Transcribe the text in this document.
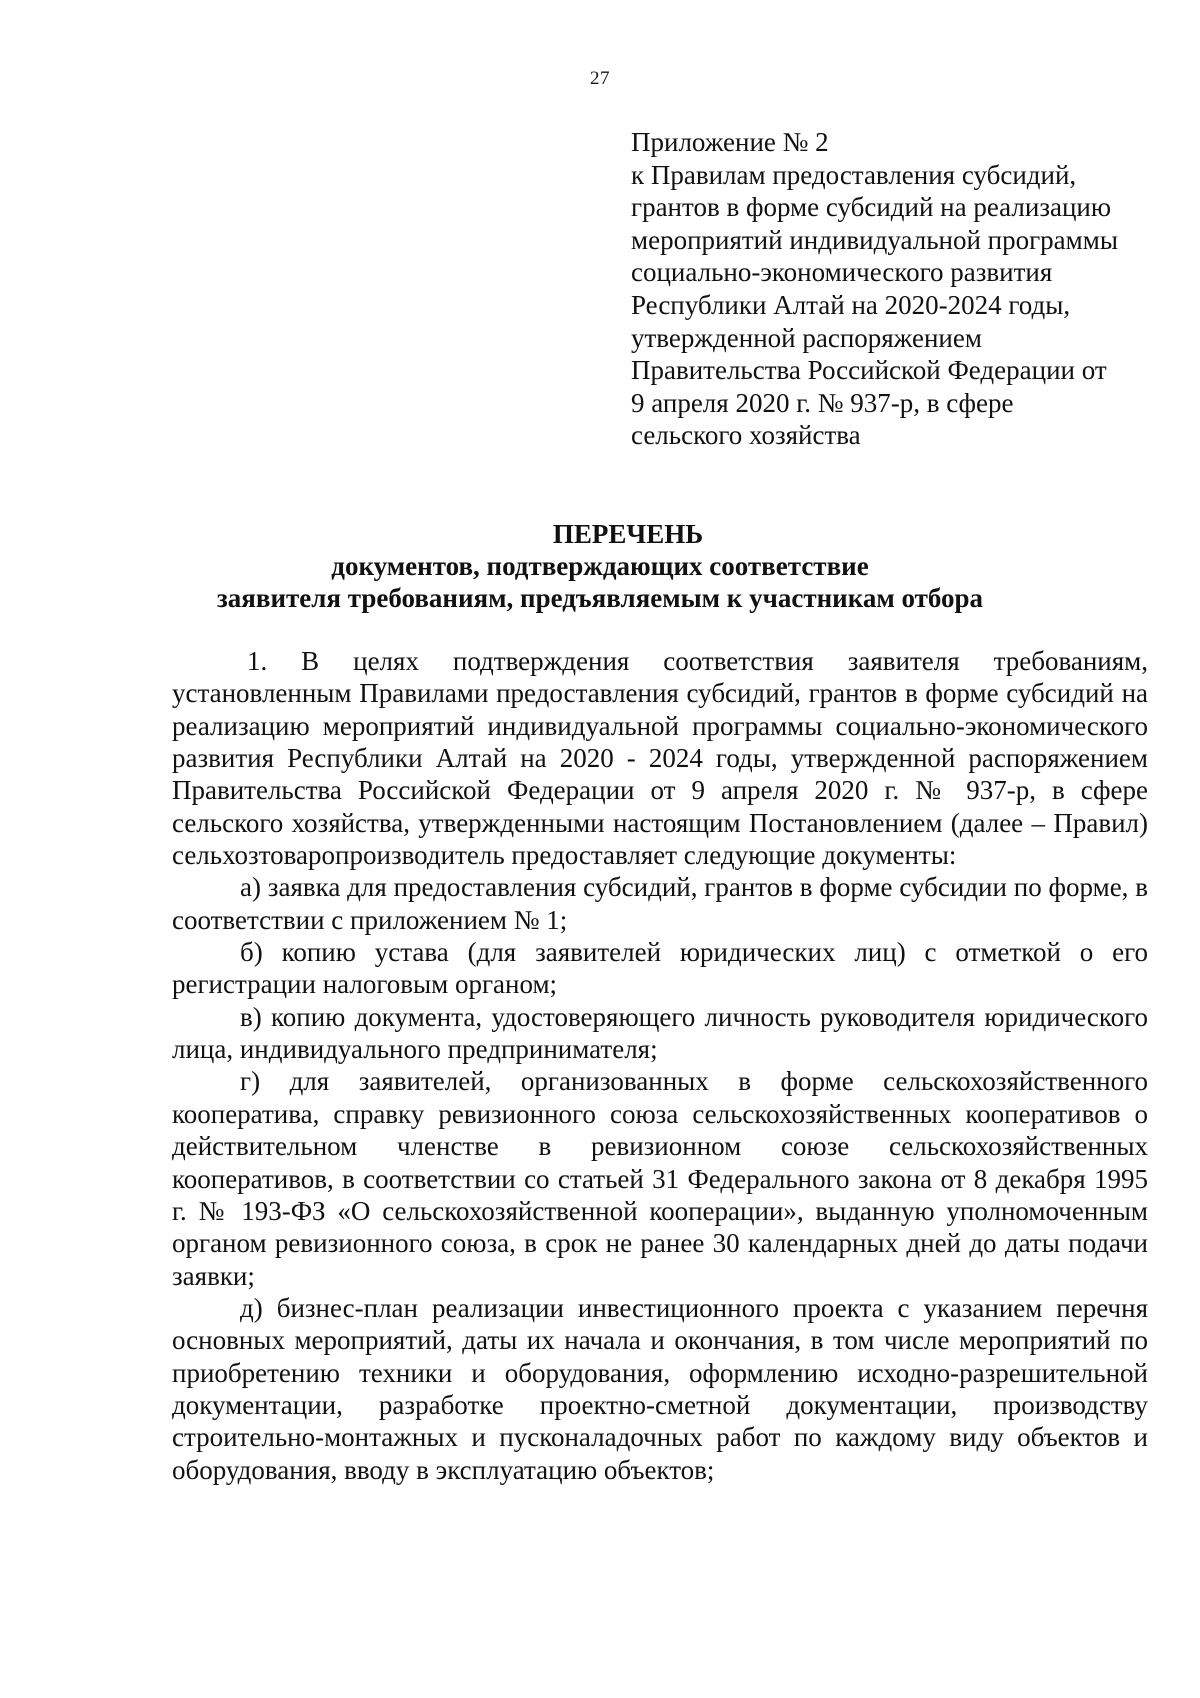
27
Приложение № 2
к Правилам предоставления субсидий,
грантов в форме субсидий на реализацию
мероприятий индивидуальной программы
социально-экономического развития
Республики Алтай на 2020-2024 годы,
утвержденной распоряжением
Правительства Российской Федерации от
9 апреля 2020 г. № 937-р, в сфере
сельского хозяйства
ПЕРЕЧЕНЬ
документов, подтверждающих соответствие
заявителя требованиям, предъявляемым к участникам отбора

1. В целях подтверждения соответствия заявителя требованиям, установленным Правилами предоставления субсидий, грантов в форме субсидий на реализацию мероприятий индивидуальной программы социально-экономического развития Республики Алтай на 2020 - 2024 годы, утвержденной распоряжением Правительства Российской Федерации от 9 апреля 2020 г. № 937-р, в сфере сельского хозяйства, утвержденными настоящим Постановлением (далее – Правил) сельхозтоваропроизводитель предоставляет следующие документы:

а) заявка для предоставления субсидий, грантов в форме субсидии по форме, в соответствии с приложением № 1;

б) копию устава (для заявителей юридических лиц) с отметкой о его регистрации налоговым органом;

в) копию документа, удостоверяющего личность руководителя юридического лица, индивидуального предпринимателя;

г) для заявителей, организованных в форме сельскохозяйственного кооператива, справку ревизионного союза сельскохозяйственных кооперативов о действительном членстве в ревизионном союзе сельскохозяйственных кооперативов, в соответствии со статьей 31 Федерального закона от 8 декабря 1995 г. № 193-ФЗ «О сельскохозяйственной кооперации», выданную уполномоченным органом ревизионного союза, в срок не ранее 30 календарных дней до даты подачи заявки;

д) бизнес-план реализации инвестиционного проекта с указанием перечня основных мероприятий, даты их начала и окончания, в том числе мероприятий по приобретению техники и оборудования, оформлению исходно-разрешительной документации, разработке проектно-сметной документации, производству строительно-монтажных и пусконаладочных работ по каждому виду объектов и оборудования, вводу в эксплуатацию объектов;
